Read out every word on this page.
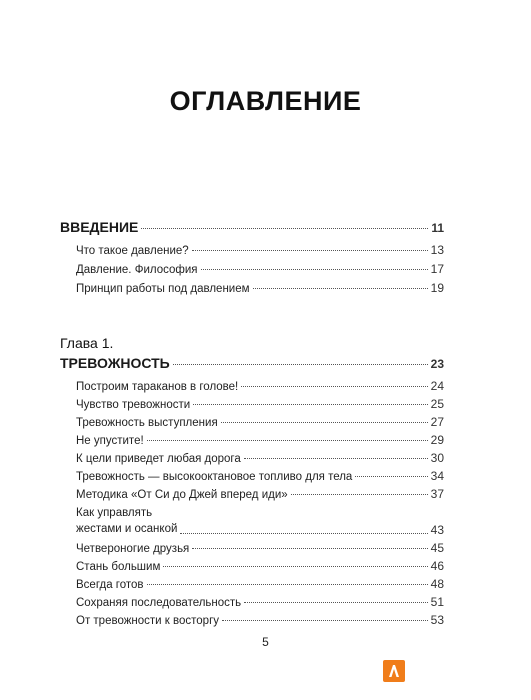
ОГЛАВЛЕНИЕ
ВВЕДЕНИЕ	11
Что такое давление?	13
Давление. Философия	17
Принцип работы под давлением	19
Глава 1.
ТРЕВОЖНОСТЬ	23
Построим тараканов в голове!	24
Чувство тревожности	25
Тревожность выступления	27
Не упустите!	29
К цели приведет любая дорога	30
Тревожность — высокооктановое топливо для тела	34
Методика «От Си до Джей вперед иди»	37
Как управлять
жестами и осанкой	43
Четвероногие друзья	45
Стань большим	46
Всегда готов	48
Сохраняя последовательность	51
От тревожности к восторгу	53
5
